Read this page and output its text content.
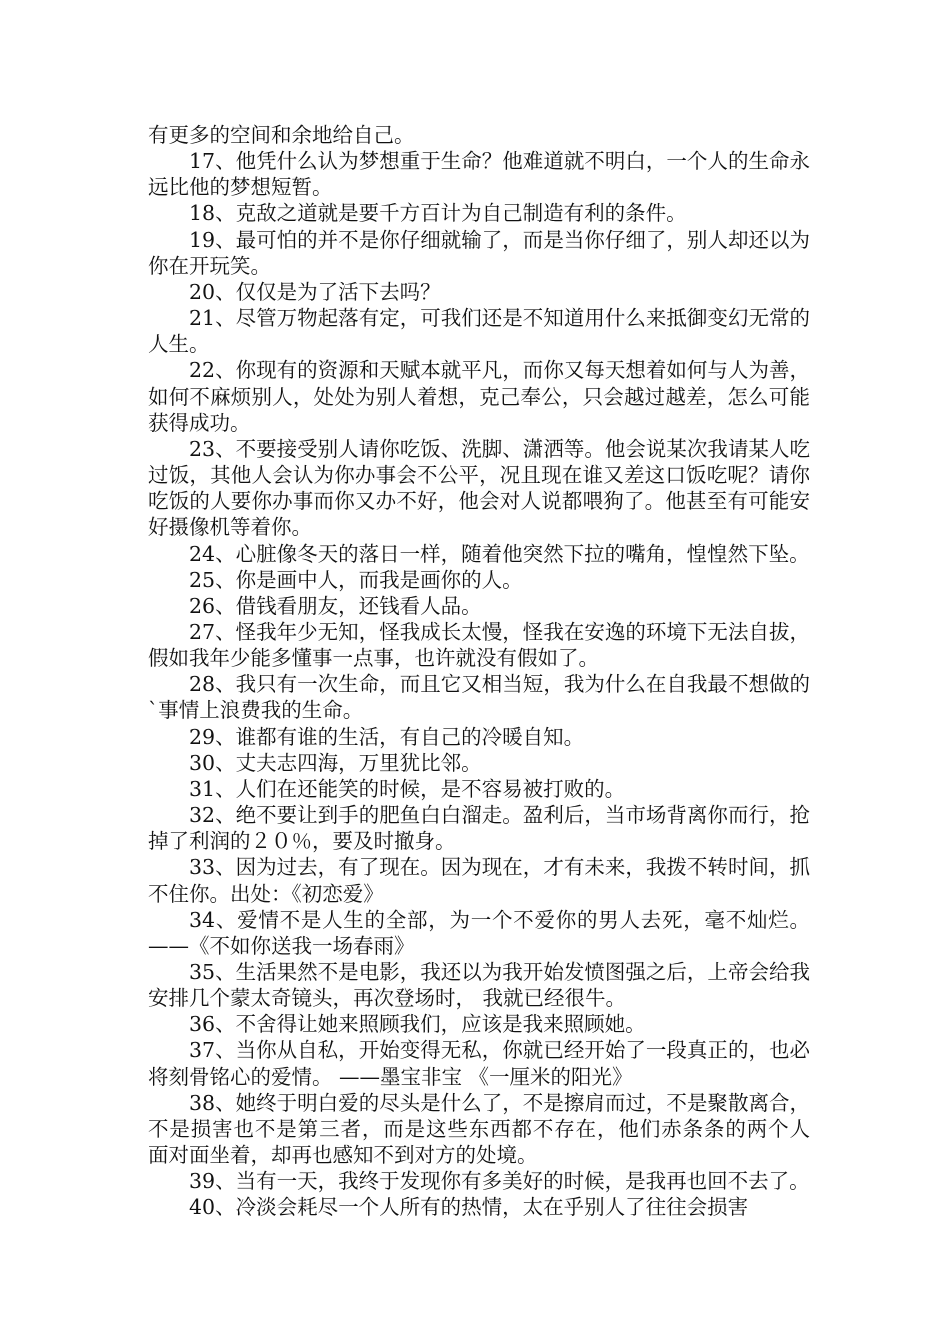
有更多的空间和余地给自己。

17、他凭什么认为梦想重于生命？他难道就不明白，一个人的生命永远比他的梦想短暂。

18、克敌之道就是要千方百计为自己制造有利的条件。

19、最可怕的并不是你仔细就输了，而是当你仔细了，别人却还以为你在开玩笑。

20、仅仅是为了活下去吗？

21、尽管万物起落有定，可我们还是不知道用什么来抵御变幻无常的人生。

22、你现有的资源和天赋本就平凡，而你又每天想着如何与人为善，如何不麻烦别人，处处为别人着想，克己奉公，只会越过越差，怎么可能获得成功。

23、不要接受别人请你吃饭、洗脚、潇洒等。他会说某次我请某人吃过饭，其他人会认为你办事会不公平，况且现在谁又差这口饭吃呢？请你吃饭的人要你办事而你又办不好，他会对人说都喂狗了。他甚至有可能安好摄像机等着你。

24、心脏像冬天的落日一样，随着他突然下拉的嘴角，惶惶然下坠。

25、你是画中人，而我是画你的人。

26、借钱看朋友，还钱看人品。

27、怪我年少无知，怪我成长太慢，怪我在安逸的环境下无法自拔，假如我年少能多懂事一点事，也许就没有假如了。

28、我只有一次生命，而且它又相当短，我为什么在自我最不想做的`事情上浪费我的生命。

29、谁都有谁的生活，有自己的冷暖自知。

30、丈夫志四海，万里犹比邻。

31、人们在还能笑的时候，是不容易被打败的。

32、绝不要让到手的肥鱼白白溜走。盈利后，当市场背离你而行，抢掉了利润的２０％，要及时撤身。

33、因为过去，有了现在。因为现在，才有未来，我拨不转时间，抓不住你。出处：《初恋爱》

34、爱情不是人生的全部，为一个不爱你的男人去死，毫不灿烂。——《不如你送我一场春雨》

35、生活果然不是电影，我还以为我开始发愤图强之后，上帝会给我安排几个蒙太奇镜头，再次登场时， 我就已经很牛。

36、不舍得让她来照顾我们，应该是我来照顾她。

37、当你从自私，开始变得无私，你就已经开始了一段真正的，也必将刻骨铭心的爱情。 ——墨宝非宝 《一厘米的阳光》

38、她终于明白爱的尽头是什么了，不是擦肩而过，不是聚散离合，不是损害也不是第三者，而是这些东西都不存在，他们赤条条的两个人 面对面坐着，却再也感知不到对方的处境。

39、当有一天，我终于发现你有多美好的时候，是我再也回不去了。

40、冷淡会耗尽一个人所有的热情，太在乎别人了往往会损害
